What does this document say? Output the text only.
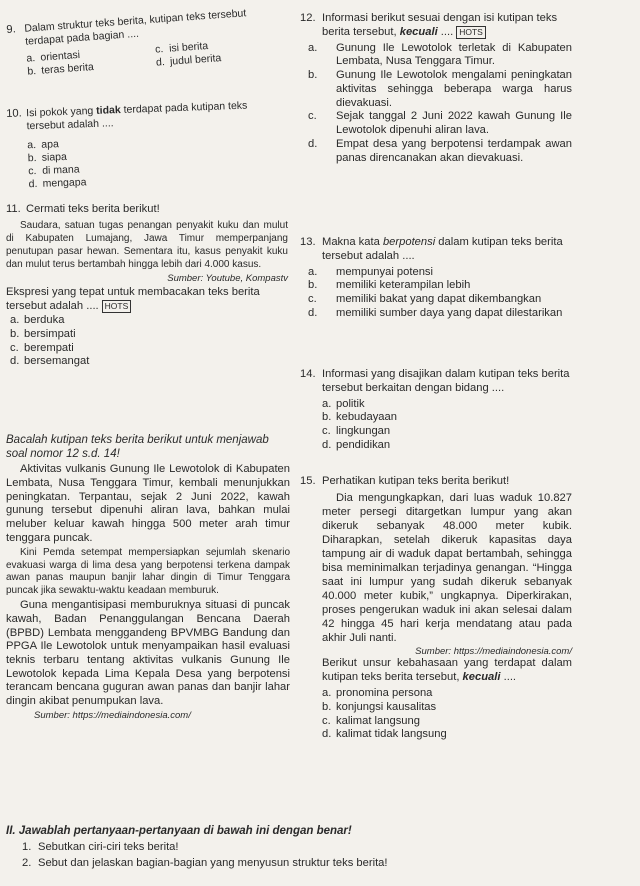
9. Dalam struktur teks berita, kutipan teks tersebut terdapat pada bagian ....
a. orientasi	c. isi berita
b. teras berita	d. judul berita
10. Isi pokok yang tidak terdapat pada kutipan teks tersebut adalah ....
a. apa
b. siapa
c. di mana
d. mengapa
11. Cermati teks berita berikut!
Saudara, satuan tugas penangan penyakit kuku dan mulut di Kabupaten Lumajang, Jawa Timur memperpanjang penutupan pasar hewan. Sementara itu, kasus penyakit kuku dan mulut terus bertambah hingga lebih dari 4.000 kasus.
Sumber: Youtube, Kompastv
Ekspresi yang tepat untuk membacakan teks berita tersebut adalah .... HOTS
a. berduka
b. bersimpati
c. berempati
d. bersemangat
Bacalah kutipan teks berita berikut untuk menjawab soal nomor 12 s.d. 14!
Aktivitas vulkanis Gunung Ile Lewotolok di Kabupaten Lembata, Nusa Tenggara Timur, kembali menunjukkan peningkatan. Terpantau, sejak 2 Juni 2022, kawah gunung tersebut dipenuhi aliran lava, bahkan mulai meluber keluar kawah hingga 500 meter arah timur tenggara puncak.
Kini Pemda setempat mempersiapkan sejumlah skenario evakuasi warga di lima desa yang berpotensi terkena dampak awan panas maupun banjir lahar dingin di Timur Tenggara puncak jika sewaktu-waktu keadaan memburuk.
Guna mengantisipasi memburuknya situasi di puncak kawah, Badan Penanggulangan Bencana Daerah (BPBD) Lembata menggandeng BPVMBG Bandung dan PPGA Ile Lewotolok untuk menyampaikan hasil evaluasi teknis terbaru tentang aktivitas vulkanis Gunung Ile Lewotolok kepada Lima Kepala Desa yang berpotensi terancam bencana guguran awan panas dan banjir lahar dingin akibat penumpukan lava.
Sumber: https://mediaindonesia.com/
12. Informasi berikut sesuai dengan isi kutipan teks berita tersebut, kecuali .... HOTS
a. Gunung Ile Lewotolok terletak di Kabupaten Lembata, Nusa Tenggara Timur.
b. Gunung Ile Lewotolok mengalami peningkatan aktivitas sehingga beberapa warga harus dievakuasi.
c. Sejak tanggal 2 Juni 2022 kawah Gunung Ile Lewotolok dipenuhi aliran lava.
d. Empat desa yang berpotensi terdampak awan panas direncanakan akan dievakuasi.
13. Makna kata berpotensi dalam kutipan teks berita tersebut adalah ....
a. mempunyai potensi
b. memiliki keterampilan lebih
c. memiliki bakat yang dapat dikembangkan
d. memiliki sumber daya yang dapat dilestarikan
14. Informasi yang disajikan dalam kutipan teks berita tersebut berkaitan dengan bidang ....
a. politik
b. kebudayaan
c. lingkungan
d. pendidikan
15. Perhatikan kutipan teks berita berikut!
Dia mengungkapkan, dari luas waduk 10.827 meter persegi ditargetkan lumpur yang akan dikeruk sebanyak 48.000 meter kubik. Diharapkan, setelah dikeruk kapasitas daya tampung air di waduk dapat bertambah, sehingga bisa meminimalkan terjadinya genangan. “Hingga saat ini lumpur yang sudah dikeruk sebanyak 40.000 meter kubik,” ungkapnya. Diperkirakan, proses pengerukan waduk ini akan selesai dalam 42 hingga 45 hari kerja mendatang atau pada akhir Juli nanti.
Sumber: https://mediaindonesia.com/
Berikut unsur kebahasaan yang terdapat dalam kutipan teks berita tersebut, kecuali ....
a. pronomina persona
b. konjungsi kausalitas
c. kalimat langsung
d. kalimat tidak langsung
II. Jawablah pertanyaan-pertanyaan di bawah ini dengan benar!
1. Sebutkan ciri-ciri teks berita!
2. Sebut dan jelaskan bagian-bagian yang menyusun struktur teks berita!
